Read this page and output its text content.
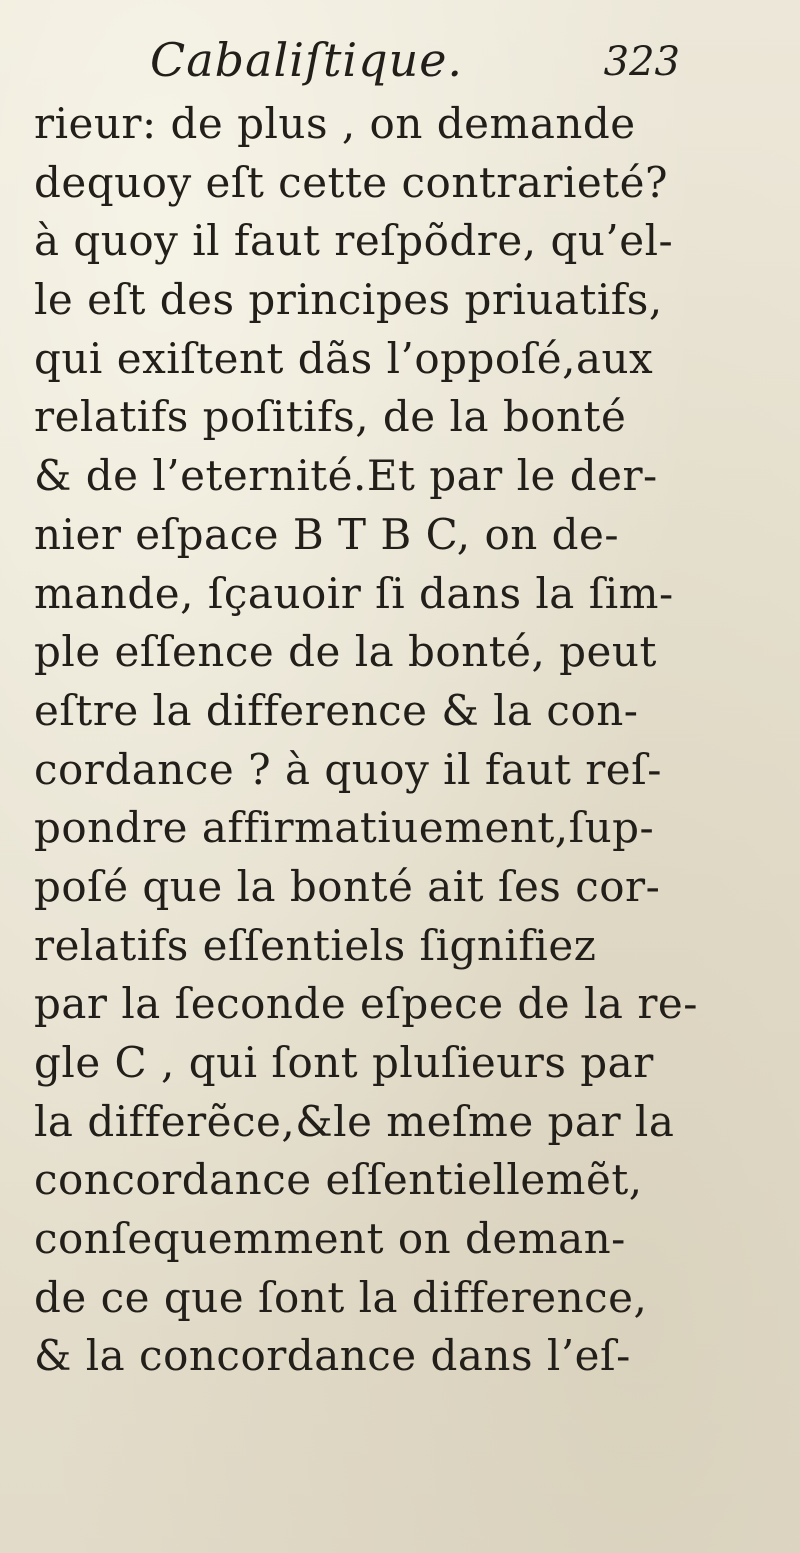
Cabaliſtique.	323
rieur: de plus , on demande
dequoy eſt cette contrarieté?
à quoy il faut reſpõdre, qu’el-
le eſt des principes priuatifs,
qui exiſtent dãs l’oppoſé,aux
relatifs poſitifs, de la bonté
& de l’eternité.Et par le der-
nier eſpace B T B C, on de-
mande, ſçauoir ſi dans la ſim-
ple eſſence de la bonté, peut
eſtre la difference & la con-
cordance ? à quoy il faut reſ-
pondre affirmatiuement,ſup-
poſé que la bonté ait ſes cor-
relatifs eſſentiels ſignifiez
par la ſeconde eſpece de la re-
gle C , qui ſont pluſieurs par
la differẽce,&le meſme par la
concordance eſſentiellemẽt,
conſequemment on deman-
de ce que ſont la difference,
& la concordance dans l’eſ-
